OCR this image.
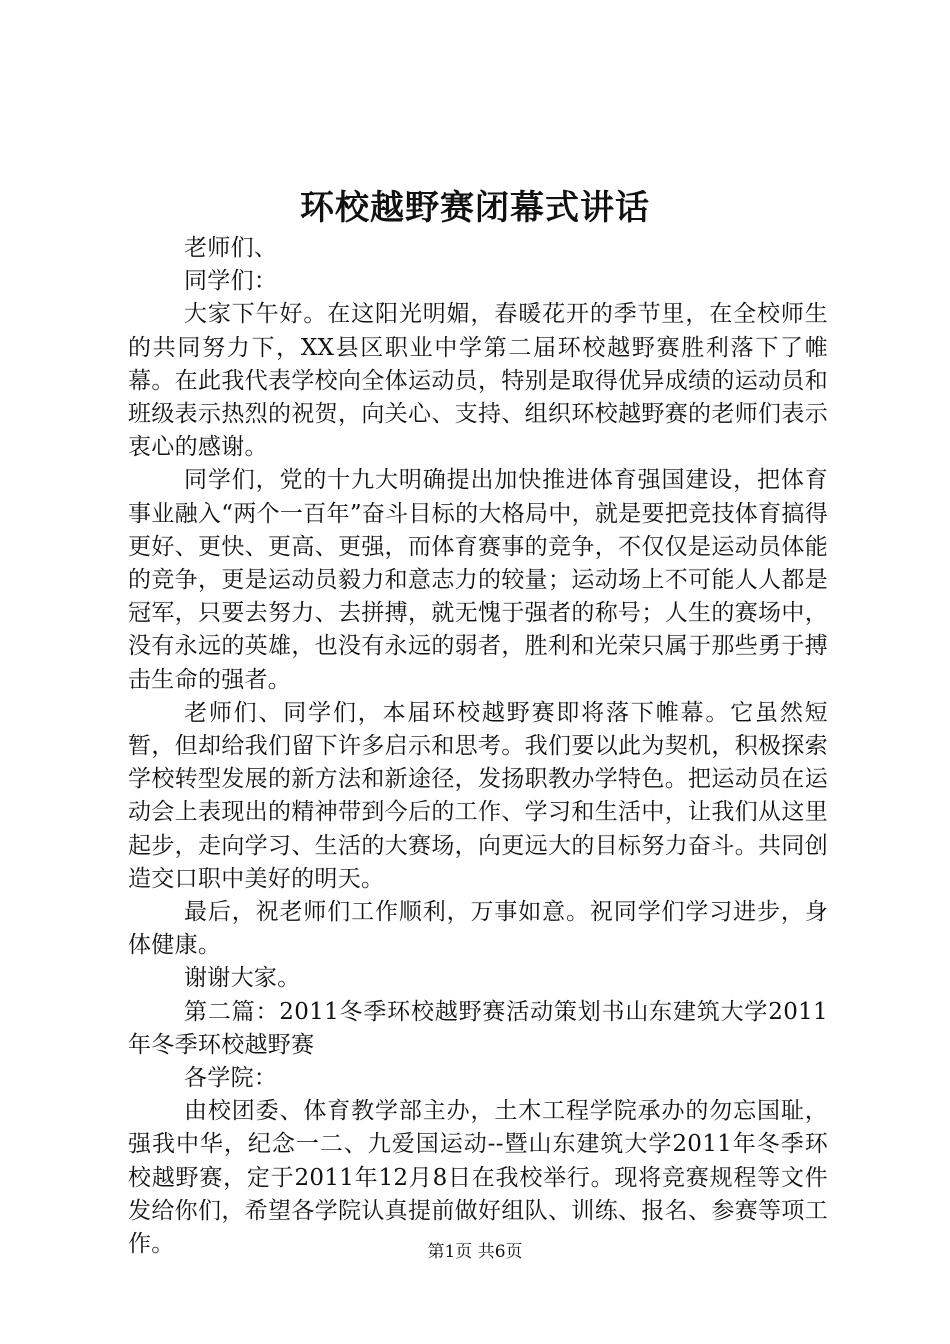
环校越野赛闭幕式讲话

老师们、

同学们：

大家下午好。在这阳光明媚，春暖花开的季节里，在全校师生的共同努力下，XX县区职业中学第二届环校越野赛胜利落下了帷幕。在此我代表学校向全体运动员，特别是取得优异成绩的运动员和班级表示热烈的祝贺，向关心、支持、组织环校越野赛的老师们表示衷心的感谢。

同学们，党的十九大明确提出加快推进体育强国建设，把体育事业融入“两个一百年”奋斗目标的大格局中，就是要把竞技体育搞得更好、更快、更高、更强，而体育赛事的竞争，不仅仅是运动员体能的竞争，更是运动员毅力和意志力的较量；运动场上不可能人人都是冠军，只要去努力、去拼搏，就无愧于强者的称号；人生的赛场中，没有永远的英雄，也没有永远的弱者，胜利和光荣只属于那些勇于搏击生命的强者。

老师们、同学们，本届环校越野赛即将落下帷幕。它虽然短暂，但却给我们留下许多启示和思考。我们要以此为契机，积极探索学校转型发展的新方法和新途径，发扬职教办学特色。把运动员在运动会上表现出的精神带到今后的工作、学习和生活中，让我们从这里起步，走向学习、生活的大赛场，向更远大的目标努力奋斗。共同创造交口职中美好的明天。

最后，祝老师们工作顺利，万事如意。祝同学们学习进步，身体健康。

谢谢大家。

第二篇：2011冬季环校越野赛活动策划书山东建筑大学2011年冬季环校越野赛

各学院：

由校团委、体育教学部主办，土木工程学院承办的勿忘国耻，强我中华，纪念一二、九爱国运动--暨山东建筑大学2011年冬季环校越野赛，定于2011年12月8日在我校举行。现将竞赛规程等文件发给你们，希望各学院认真提前做好组队、训练、报名、参赛等项工作。	第1页 共6页
